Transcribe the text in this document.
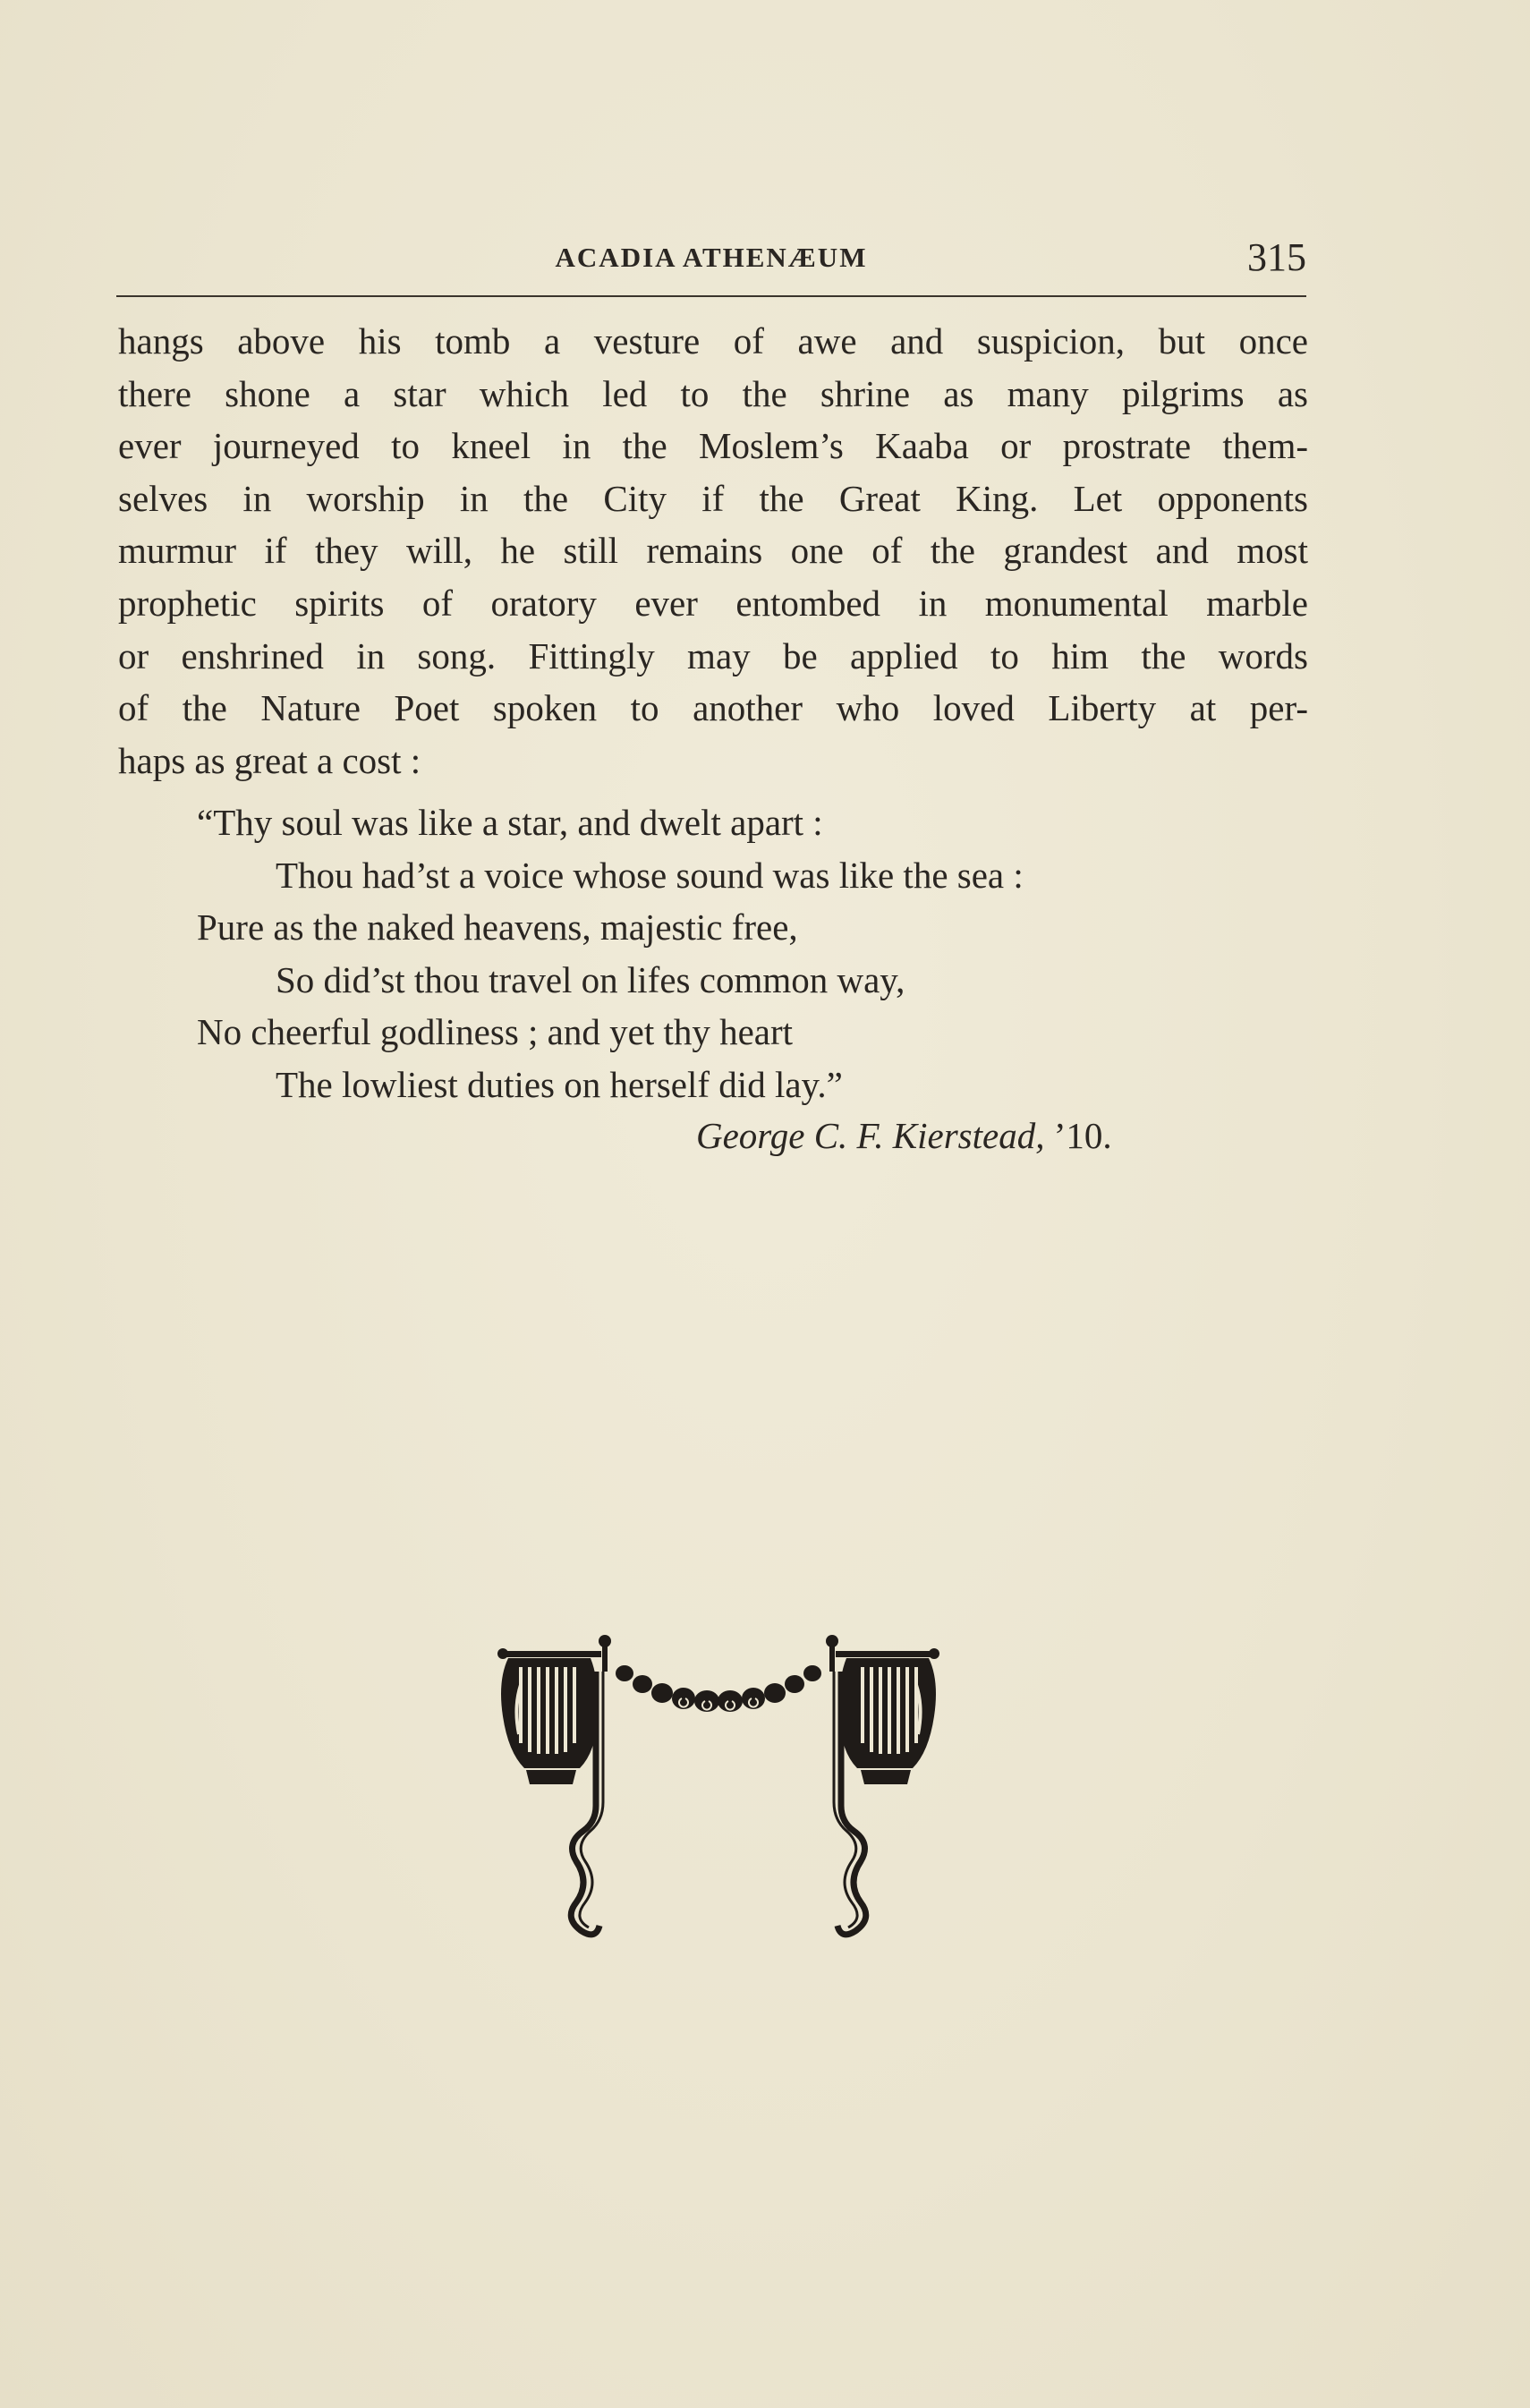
ACADIA ATHENÆUM	315
hangs above his tomb a vesture of awe and suspicion, but once
there shone a star which led to the shrine as many pilgrims as
ever journeyed to kneel in the Moslem’s Kaaba or prostrate them-
selves in worship in the City if the Great King. Let opponents
murmur if they will, he still remains one of the grandest and most
prophetic spirits of oratory ever entombed in monumental marble
or enshrined in song. Fittingly may be applied to him the words
of the Nature Poet spoken to another who loved Liberty at per-
haps as great a cost :
“Thy soul was like a star, and dwelt apart :
Thou had’st a voice whose sound was like the sea :
Pure as the naked heavens, majestic free,
So did’st thou travel on lifes common way,
No cheerful godliness ; and yet thy heart
The lowliest duties on herself did lay.”
George C. F. Kierstead, ’10.
